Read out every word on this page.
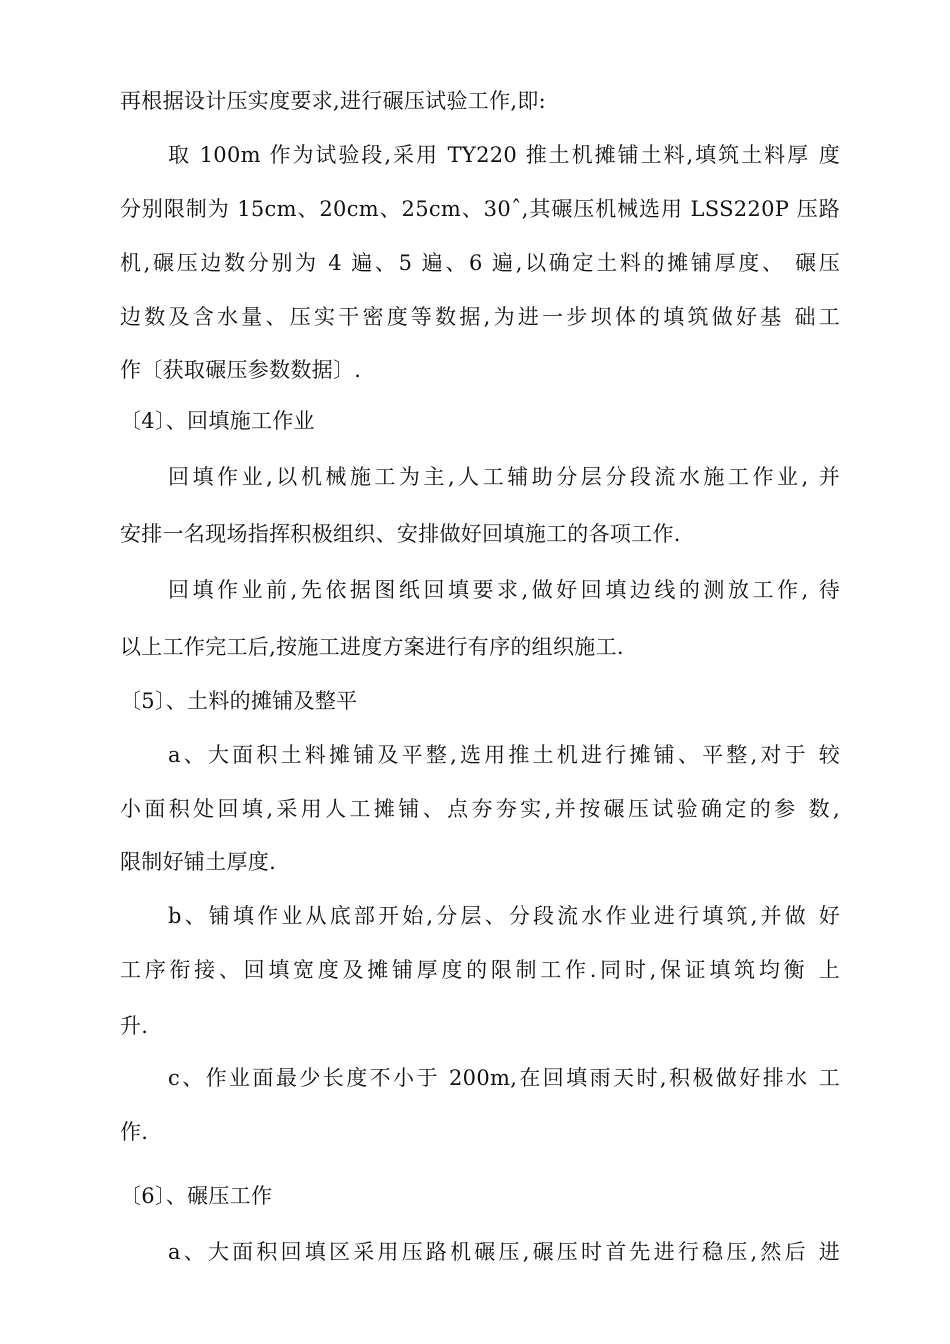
再根据设计压实度要求,进行碾压试验工作,即:
取 100m 作为试验段,采用 TY220 推土机摊铺土料,填筑土料厚 度
分别限制为 15cm、20cm、25cm、30ˆ,其碾压机械选用 LSS220P 压路
机,碾压边数分别为 4 遍、5 遍、6 遍,以确定土料的摊铺厚度、 碾压
边数及含水量、压实干密度等数据,为进一步坝体的填筑做好基 础工
作〔获取碾压参数数据〕.
〔4〕、回填施工作业
回填作业,以机械施工为主,人工辅助分层分段流水施工作业, 并
安排一名现场指挥积极组织、安排做好回填施工的各项工作.
回填作业前,先依据图纸回填要求,做好回填边线的测放工作, 待
以上工作完工后,按施工进度方案进行有序的组织施工.
〔5〕、土料的摊铺及整平
a、大面积土料摊铺及平整,选用推土机进行摊铺、平整,对于 较
小面积处回填,采用人工摊铺、点夯夯实,并按碾压试验确定的参 数,
限制好铺土厚度.
b、铺填作业从底部开始,分层、分段流水作业进行填筑,并做 好
工序衔接、回填宽度及摊铺厚度的限制工作.同时,保证填筑均衡 上
升.
c、作业面最少长度不小于 200m,在回填雨天时,积极做好排水 工
作.
〔6〕、碾压工作
a、大面积回填区采用压路机碾压,碾压时首先进行稳压,然后 进
